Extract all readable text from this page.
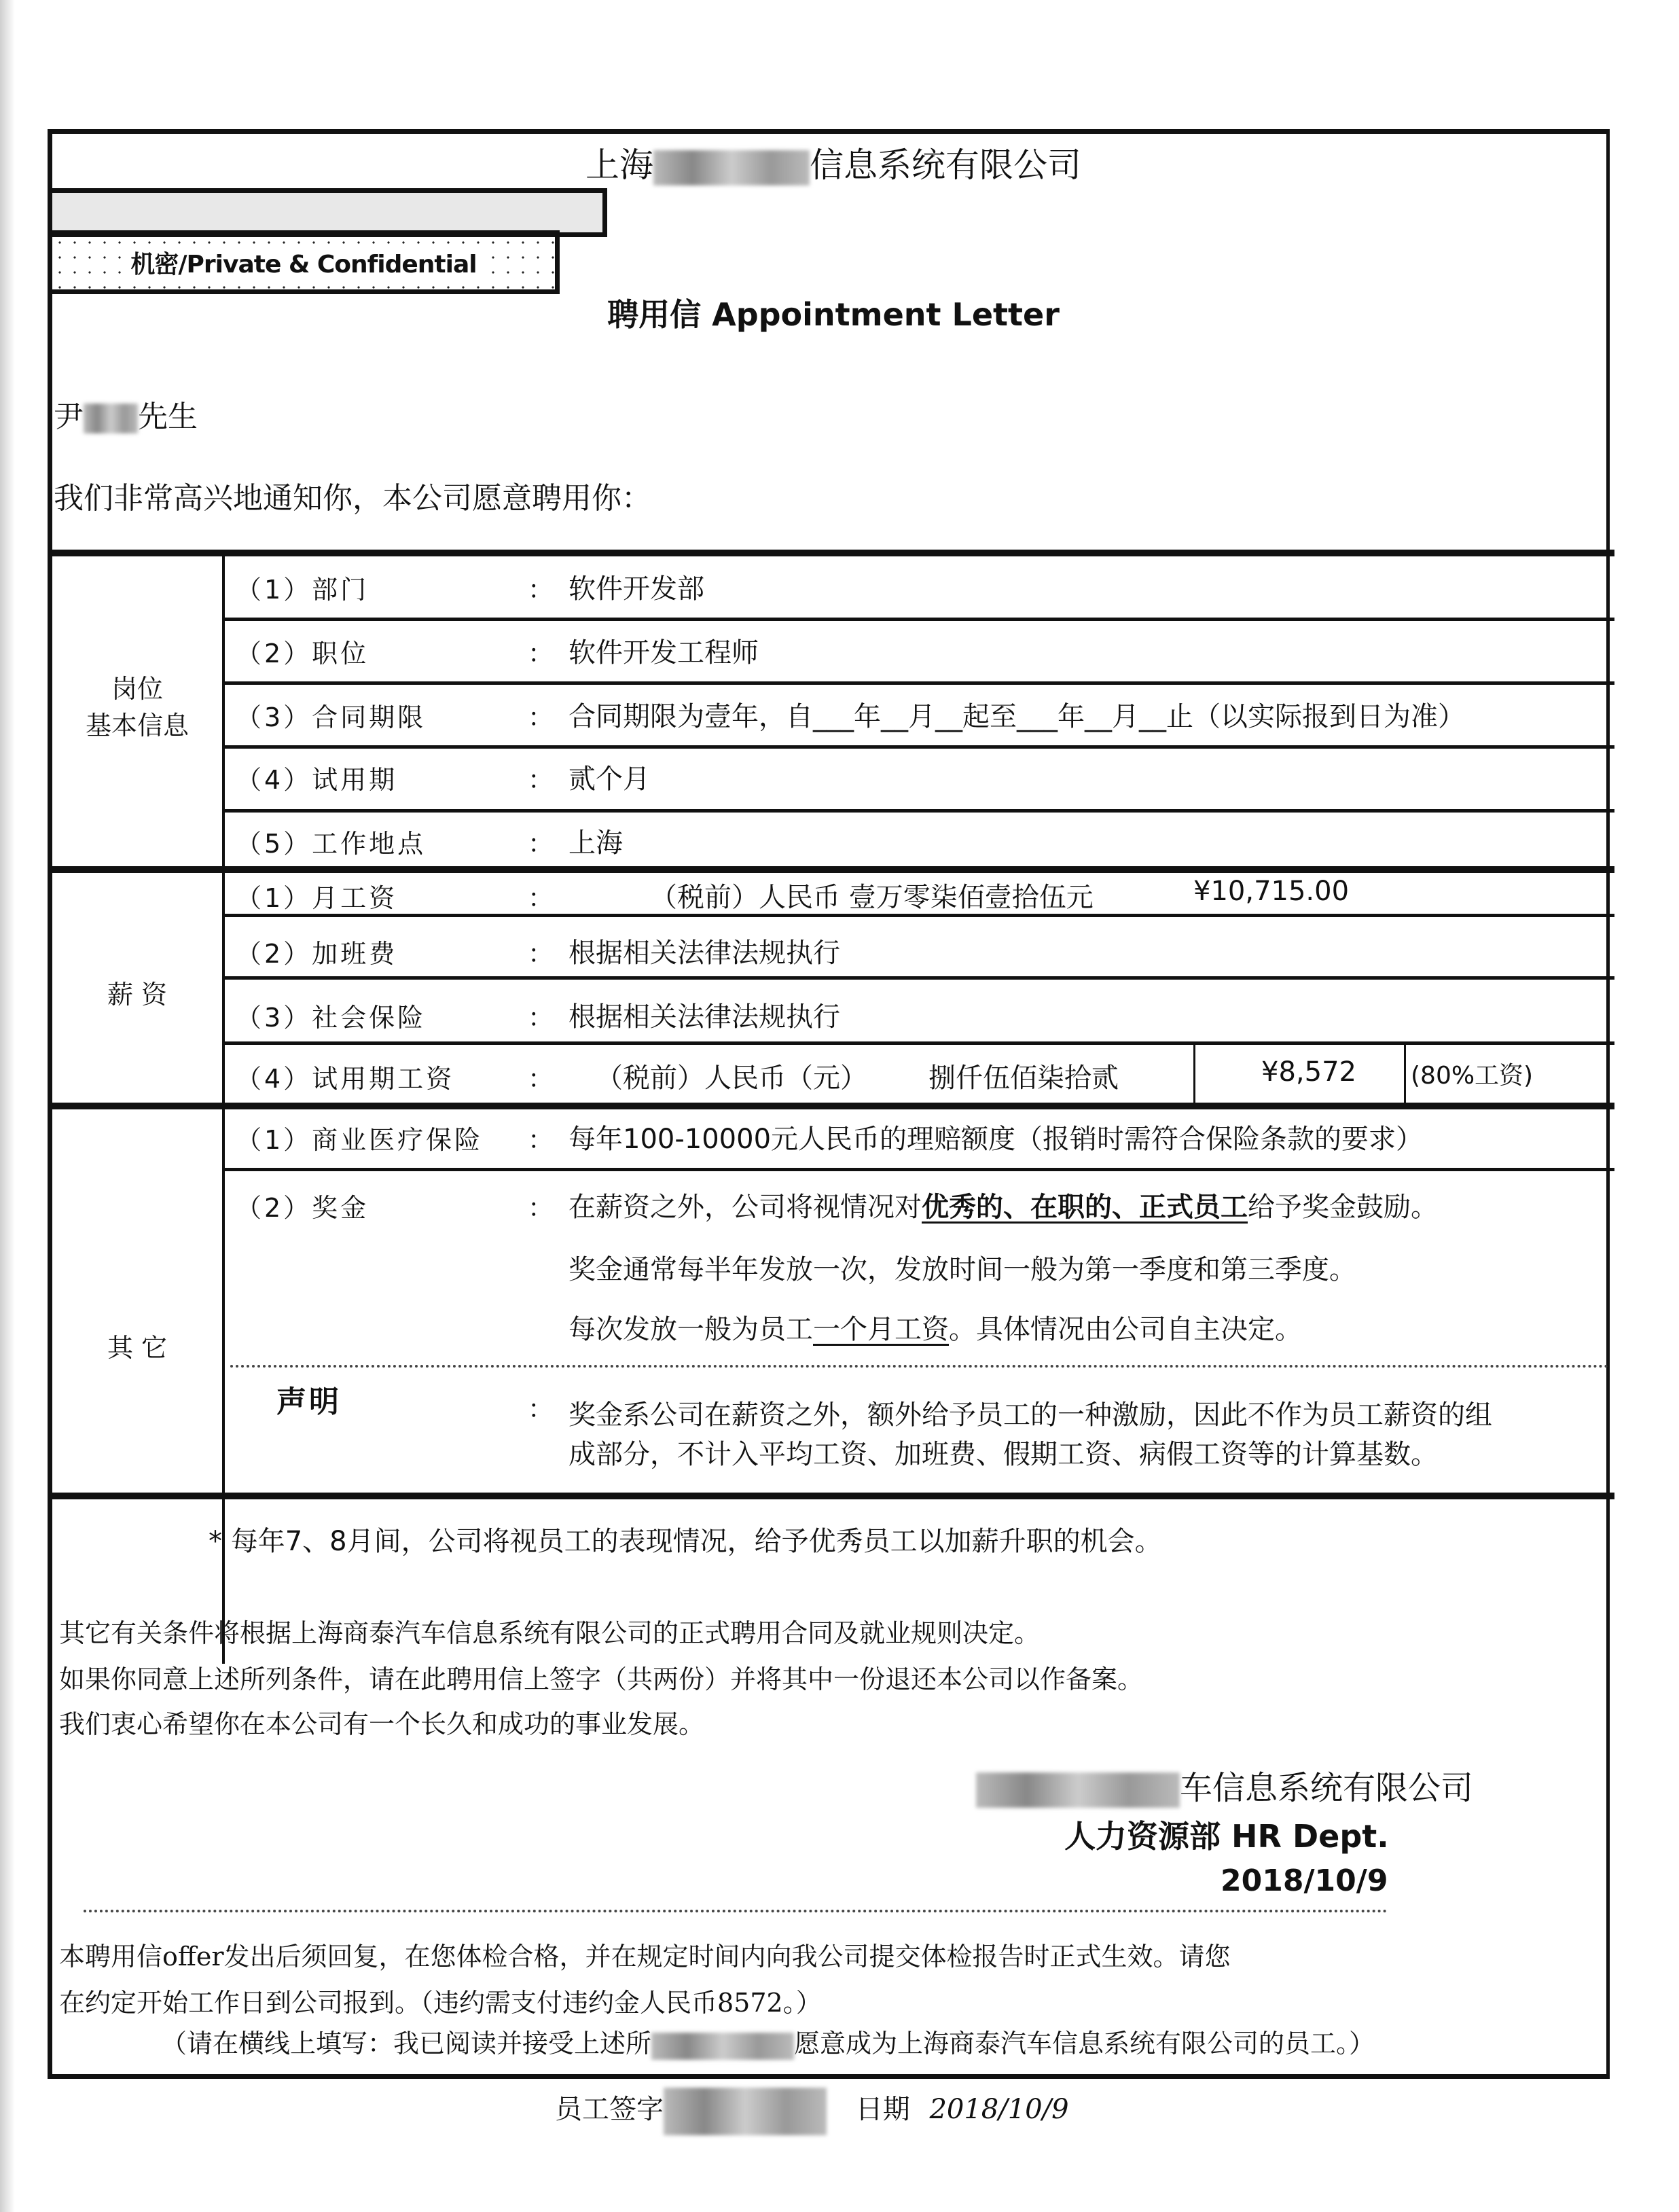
上海	信息系统有限公司
机密/Private & Confidential
聘用信 Appointment Letter
尹 先生
我们非常高兴地通知你，本公司愿意聘用你：
岗位
基本信息
（1）部门	： 软件开发部
（2）职位	： 软件开发工程师
（3）合同期限	： 合同期限为壹年，自___年__月__起至___年__月__止（以实际报到日为准）
（4）试用期	： 贰个月
（5）工作地点	： 上海
薪 资
（1）月工资	：	（税前）人民币 壹万零柒佰壹拾伍元	¥10,715.00
（2）加班费	： 根据相关法律法规执行
（3）社会保险	： 根据相关法律法规执行
（4）试用期工资	： （税前）人民币（元） 捌仟伍佰柒拾贰	¥8,572 (80%工资)
其 它
（1）商业医疗保险 ： 每年100-10000元人民币的理赔额度（报销时需符合保险条款的要求）
（2）奖金	： 在薪资之外，公司将视情况对优秀的、在职的、正式员工给予奖金鼓励。
奖金通常每半年发放一次，发放时间一般为第一季度和第三季度。
每次发放一般为员工一个月工资。具体情况由公司自主决定。
声明	： 奖金系公司在薪资之外，额外给予员工的一种激励，因此不作为员工薪资的组
成部分，不计入平均工资、加班费、假期工资、病假工资等的计算基数。
* 每年7、8月间，公司将视员工的表现情况，给予优秀员工以加薪升职的机会。
其它有关条件将根据上海商泰汽车信息系统有限公司的正式聘用合同及就业规则决定。
如果你同意上述所列条件，请在此聘用信上签字（共两份）并将其中一份退还本公司以作备案。
我们衷心希望你在本公司有一个长久和成功的事业发展。
车信息系统有限公司
人力资源部 HR Dept.
2018/10/9
本聘用信offer发出后须回复，在您体检合格，并在规定时间内向我公司提交体检报告时正式生效。请您
在约定开始工作日到公司报到。（违约需支付违约金人民币8572。）
（请在横线上填写：我已阅读并接受上述所	愿意成为上海商泰汽车信息系统有限公司的员工。）
员工签字	日期 2018/10/9
